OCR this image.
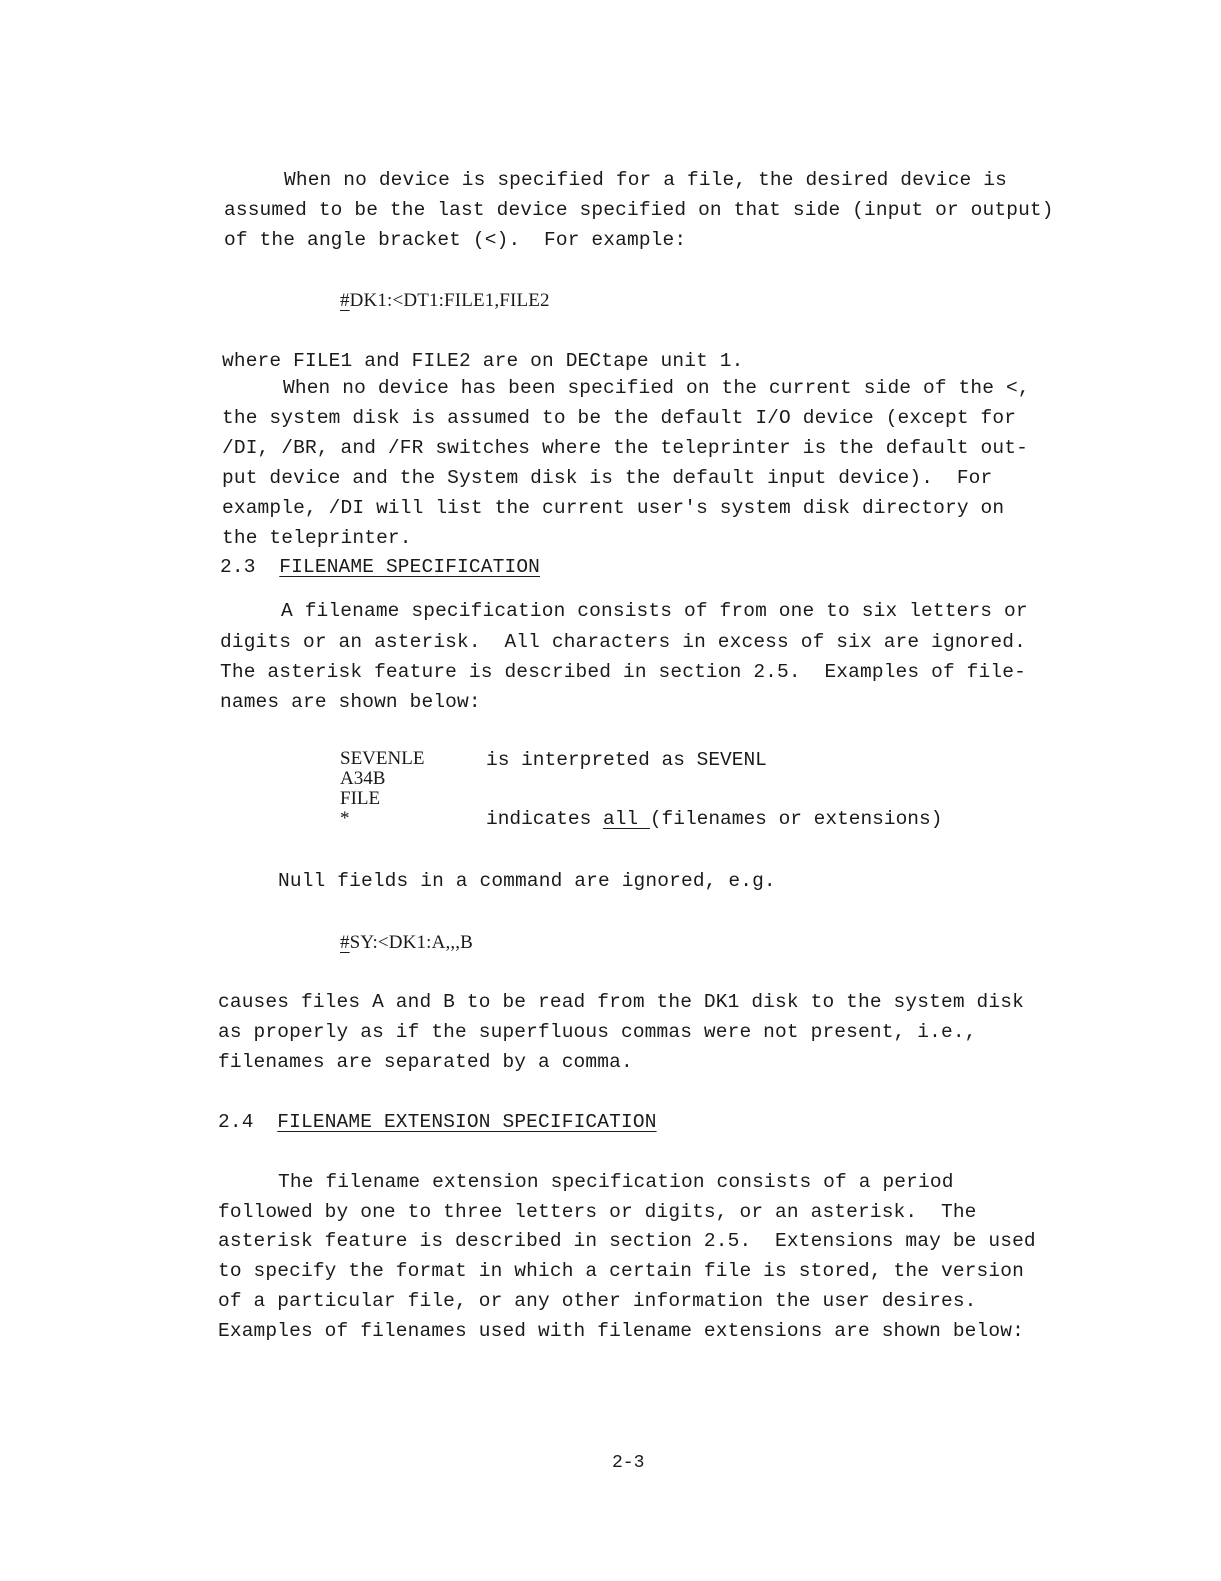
When no device is specified for a file, the desired device is
assumed to be the last device specified on that side (input or output)
of the angle bracket (<).  For example:
#DK1:<DT1:FILE1,FILE2
where FILE1 and FILE2 are on DECtape unit 1.
When no device has been specified on the current side of the <,
the system disk is assumed to be the default I/O device (except for
/DI, /BR, and /FR switches where the teleprinter is the default out-
put device and the System disk is the default input device).  For
example, /DI will list the current user's system disk directory on
the teleprinter.
2.3 FILENAME SPECIFICATION
A filename specification consists of from one to six letters or
digits or an asterisk.  All characters in excess of six are ignored.
The asterisk feature is described in section 2.5.  Examples of file-
names are shown below:
SEVENLE	is interpreted as SEVENL
A34B
FILE
*	indicates all (filenames or extensions)
Null fields in a command are ignored, e.g.
#SY:<DK1:A,,,B
causes files A and B to be read from the DK1 disk to the system disk
as properly as if the superfluous commas were not present, i.e.,
filenames are separated by a comma.
2.4 FILENAME EXTENSION SPECIFICATION
The filename extension specification consists of a period
followed by one to three letters or digits, or an asterisk.  The
asterisk feature is described in section 2.5.  Extensions may be used
to specify the format in which a certain file is stored, the version
of a particular file, or any other information the user desires.
Examples of filenames used with filename extensions are shown below:
2-3
